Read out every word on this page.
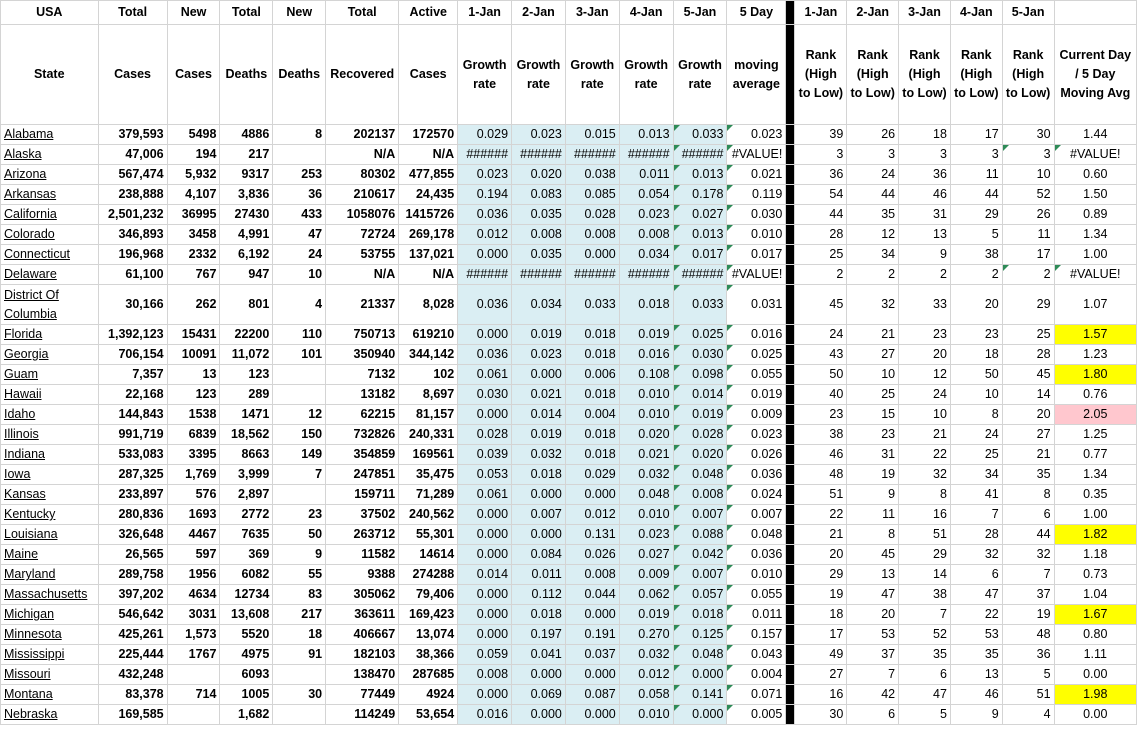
USA	Total	New	Total	New	Total	Active	1-Jan	2-Jan	3-Jan	4-Jan	5-Jan	5 Day		1-Jan	2-Jan	3-Jan	4-Jan	5-Jan	
State	Cases	Cases	Deaths	Deaths	Recovered	Cases	Growth rate	Growth rate	Growth rate	Growth rate	Growth rate	moving average		Rank (High to Low)	Rank (High to Low)	Rank (High to Low)	Rank (High to Low)	Rank (High to Low)	Current Day / 5 Day Moving Avg
Alabama	379,593	5498	4886	8	202137	172570	0.029	0.023	0.015	0.013	0.033	0.023		39	26	18	17	30	1.44
Alaska	47,006	194	217		N/A	N/A	######	######	######	######	######	#VALUE!		3	3	3	3	3	#VALUE!
Arizona	567,474	5,932	9317	253	80302	477,855	0.023	0.020	0.038	0.011	0.013	0.021		36	24	36	11	10	0.60
Arkansas	238,888	4,107	3,836	36	210617	24,435	0.194	0.083	0.085	0.054	0.178	0.119		54	44	46	44	52	1.50
California	2,501,232	36995	27430	433	1058076	1415726	0.036	0.035	0.028	0.023	0.027	0.030		44	35	31	29	26	0.89
Colorado	346,893	3458	4,991	47	72724	269,178	0.012	0.008	0.008	0.008	0.013	0.010		28	12	13	5	11	1.34
Connecticut	196,968	2332	6,192	24	53755	137,021	0.000	0.035	0.000	0.034	0.017	0.017		25	34	9	38	17	1.00
Delaware	61,100	767	947	10	N/A	N/A	######	######	######	######	######	#VALUE!		2	2	2	2	2	#VALUE!
District Of Columbia	30,166	262	801	4	21337	8,028	0.036	0.034	0.033	0.018	0.033	0.031		45	32	33	20	29	1.07
Florida	1,392,123	15431	22200	110	750713	619210	0.000	0.019	0.018	0.019	0.025	0.016		24	21	23	23	25	1.57
Georgia	706,154	10091	11,072	101	350940	344,142	0.036	0.023	0.018	0.016	0.030	0.025		43	27	20	18	28	1.23
Guam	7,357	13	123		7132	102	0.061	0.000	0.006	0.108	0.098	0.055		50	10	12	50	45	1.80
Hawaii	22,168	123	289		13182	8,697	0.030	0.021	0.018	0.010	0.014	0.019		40	25	24	10	14	0.76
Idaho	144,843	1538	1471	12	62215	81,157	0.000	0.014	0.004	0.010	0.019	0.009		23	15	10	8	20	2.05
Illinois	991,719	6839	18,562	150	732826	240,331	0.028	0.019	0.018	0.020	0.028	0.023		38	23	21	24	27	1.25
Indiana	533,083	3395	8663	149	354859	169561	0.039	0.032	0.018	0.021	0.020	0.026		46	31	22	25	21	0.77
Iowa	287,325	1,769	3,999	7	247851	35,475	0.053	0.018	0.029	0.032	0.048	0.036		48	19	32	34	35	1.34
Kansas	233,897	576	2,897		159711	71,289	0.061	0.000	0.000	0.048	0.008	0.024		51	9	8	41	8	0.35
Kentucky	280,836	1693	2772	23	37502	240,562	0.000	0.007	0.012	0.010	0.007	0.007		22	11	16	7	6	1.00
Louisiana	326,648	4467	7635	50	263712	55,301	0.000	0.000	0.131	0.023	0.088	0.048		21	8	51	28	44	1.82
Maine	26,565	597	369	9	11582	14614	0.000	0.084	0.026	0.027	0.042	0.036		20	45	29	32	32	1.18
Maryland	289,758	1956	6082	55	9388	274288	0.014	0.011	0.008	0.009	0.007	0.010		29	13	14	6	7	0.73
Massachusetts	397,202	4634	12734	83	305062	79,406	0.000	0.112	0.044	0.062	0.057	0.055		19	47	38	47	37	1.04
Michigan	546,642	3031	13,608	217	363611	169,423	0.000	0.018	0.000	0.019	0.018	0.011		18	20	7	22	19	1.67
Minnesota	425,261	1,573	5520	18	406667	13,074	0.000	0.197	0.191	0.270	0.125	0.157		17	53	52	53	48	0.80
Mississippi	225,444	1767	4975	91	182103	38,366	0.059	0.041	0.037	0.032	0.048	0.043		49	37	35	35	36	1.11
Missouri	432,248		6093		138470	287685	0.008	0.000	0.000	0.012	0.000	0.004		27	7	6	13	5	0.00
Montana	83,378	714	1005	30	77449	4924	0.000	0.069	0.087	0.058	0.141	0.071		16	42	47	46	51	1.98
Nebraska	169,585		1,682		114249	53,654	0.016	0.000	0.000	0.010	0.000	0.005		30	6	5	9	4	0.00
